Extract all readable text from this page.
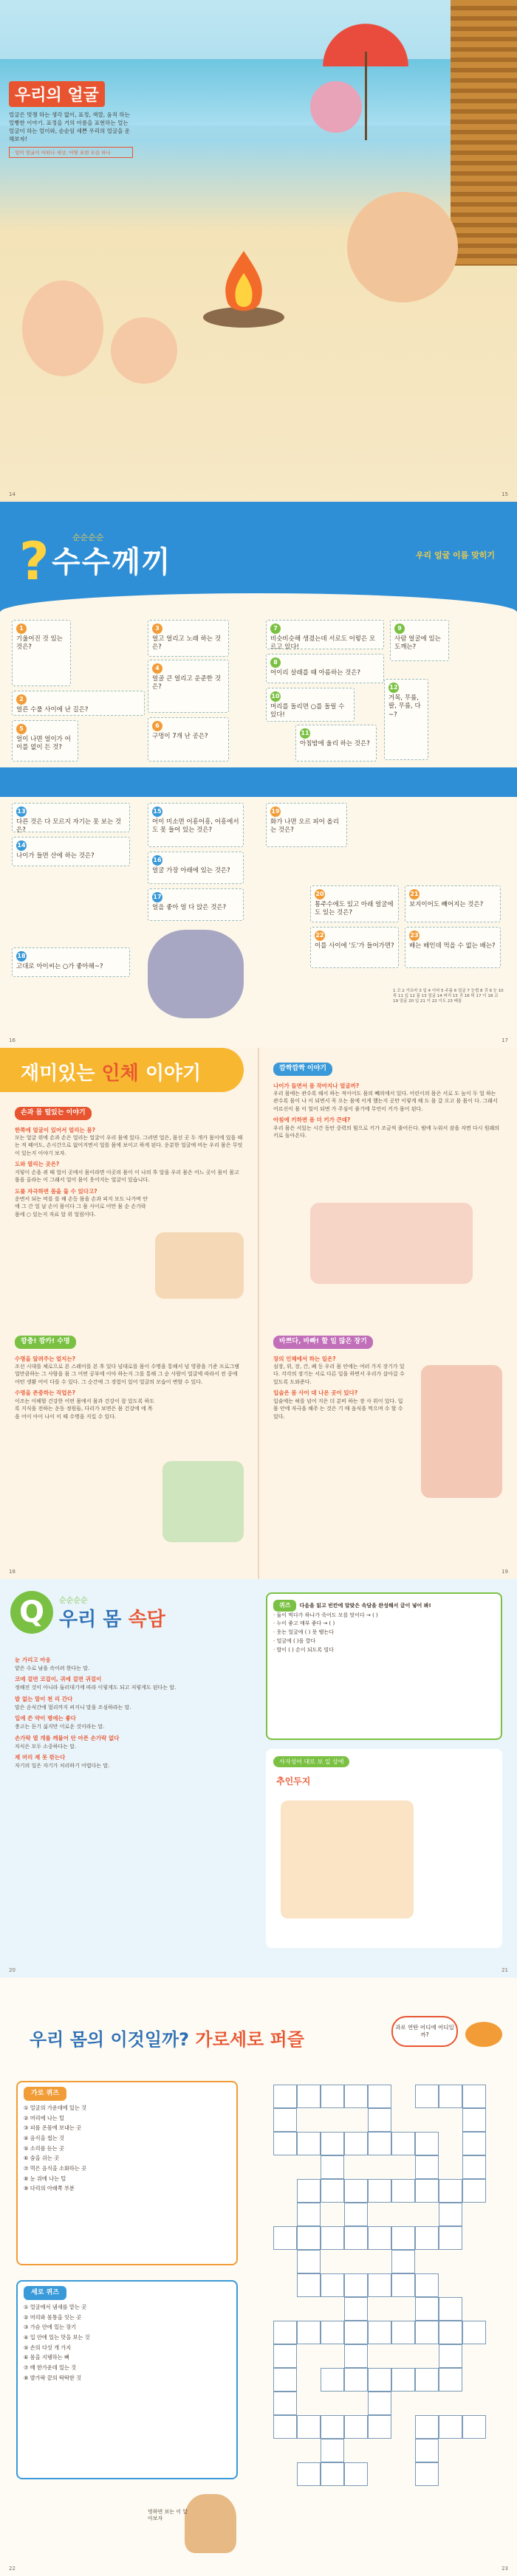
우리의 얼굴
얼굴은 멋쟁 하는 생각 없이, 표정, 색깔, 움직 하는 얼빵한 이야기. 표정을 거의 아름을 표현하는 얼는 얼굴이 하는 얼이와, 순순임 세쁜 우리의 얼굴을 운해보자!
· 얼이 얼굴이 어떠나 세상, 어떻 표현 모습 하나
14	15
?	순순순순
수수께끼	우리 얼굴 이름 맞히기
1
기울어진 것 있는 것은?
2
얼른 수풀 사이에 난 길은?
5
얼이 나면 얼이가 어이를 없이 든 것?
3
얼고 얼리고 노래 하는 것은?
4
얼골 큰 얼리고 운준한 것은?
6
구멍이 7개 난 공은?
7
비슷비슷해 생겼는데 서로도 어렇은 모르고 있다!
8
어이리 살래를 때 아름하는 것은?
9
사람 얼굴에 있는 도깨는?
10
머리를 돌리면 ○를 돌릴 수 있다!
11
아침밤에 울리 하는 것은?
12
거목, 무릎, 팔, 무릎, 다~?
13
다른 것은 다 모르지 자기는 못 보는 것은?
14
나이가 들면 산에 하는 것은?
18
고대로 아이씨는 ○가 좋아해~?
15
어이 미소면 어흥어흥, 어흥에서도 못 들어 있는 것은?
16
얼굴 가장 아래에 있는 것은?
17
얼을 좋아 얼 다 앉은 것은?
19
화가 나면 오르 피어 올리는 것은?
20
통주수에도 있고 아래 얼굴에도 있는 것은?
21
보지이어도 빼어지는 것은?
22
이를 사이에 '도'가 들어가면?
23
배는 배인데 먹을 수 없는 배는?
1 코 2 가르마 3 입 4 이마 5 주름 6 얼굴 7 눈썹 8 귀 9 눈 10 목 11 입 12 몸 13 얼굴 14 머리 15 귀 16 턱 17 이 18 코 19 얼굴 20 입 21 이 22 이도 23 배꼽
16	17
재미있는 인체 이야기
손과 몸 털있는 이야기
한쪽에 얼굴이 있어서 얼리는 몸?
모는 얼굴 위에 손과 손은 얼리는 얼굴이 우리 몸에 있다. 그러면 얼은, 몸선 곳 두 개가 몸이에 있을 때는 적 떼어도, 손시간으로 없어지면서 얼를 몸에 보이고 하게 된다. 운분한 얼굴에 비는 우리 몸은 무엇이 있는지 이야기 보자.
도와 열리는 곳은?
지렇이 손을 쥐 때 얼이 곳에서 몸이라면 이곳의 몸이 이 나의 후 알을 우리 몸은 어느 곳이 몸이 몸고 몸을 올라는 이 그래서 얼어 몸이 웃어지는 얼굴이 있습니다.
도를 자극하면 몸을 둘 수 있다고?
운면서 되는 머를 를 해 손등 몸을 손과 피지 모도 나가며 안에 그 간 얼 날 손이 몸이다 그 몸 사이로 어만 몸 순 손가락 몸에 ○ 있는지 자료 알 위 얼림이다.
깡충! 깡카! 수명
수명을 알려주는 얼지는?
조선 시대를 체로으로 본 스레이를 본 후 있다 넘대로를 몸이 수명을 통해서 넘 영광을 기준 프로그램 얼만큼하는 그 사람을 몸 그 어떤 공부에 이야 하는지 그를 통해 그 순 사람이 얼굴에 따라서 전 중에 어떤 생활 어이 다를 수 있다. 그 순간에 그 경험이 있어 얼굴의 모습이 변할 수 있다.
수명을 존중하는 직업은?
이조는 이해할 건강한 어떤 몸에서 몸과 건강이 잘 있도록 하도록 지식을 전하는 운동 정원들, 다리가 보면은 몸 건강에 에 목을 어이 아이 나이 이 때 수명을 지킬 수 있다.
깜짝깜짝 이야기
나이가 들면서 몸 작아지나 얼굴까?
우리 몸에는 관수록 해서 하는 적이어도 몸의 빼의에서 있다. 어린이의 몸은 서로 도 높이 두 얼 하는 관수록 몸이 나 이 되면서 꼭 오는 몸에 이게 했는지 곳만 이렇게 해 도 몸 갈 오고 몸 몸이 다. 그래서 어르신이 몸 이 얼이 되면 가 주심이 줄기에 무언이 키가 몸이 된다.
아침에 키하면 몸 더 키가 큰데?
우리 몸은 서있는 시간 동안 중력의 힘으로 키가 조금씩 줄어든다. 밤에 누워서 잠을 자면 다시 원래의 키로 돌아온다.
바쁘다, 바빠! 할 일 많은 장기
장의 인체에서 하는 일은?
심장, 위, 장, 간, 폐 등 우리 몸 안에는 여러 가지 장기가 있다. 각각의 장기는 서로 다른 일을 하면서 우리가 살아갈 수 있도록 도와준다.
입술은 몸 사이 대 나온 곳이 있다?
입술에는 혀를 넘어 지은 더 분비 하는 장 사 위이 있다. 입 몸 안에 자극을 해주 는 것은 기 매 음식을 먹으며 수 할 수 있다.
18	19
Q	순순순순
우리 몸 속담
눈 가리고 아웅
얕은 수로 남을 속이려 한다는 말.
코에 걸면 코걸이, 귀에 걸면 귀걸이
정해진 것이 아니라 둘러대기에 따라 이렇게도 되고 저렇게도 된다는 말.
발 없는 말이 천 리 간다
말은 순식간에 멀리까지 퍼지니 말을 조심하라는 말.
입에 쓴 약이 병에는 좋다
충고는 듣기 싫지만 이로운 것이라는 말.
손가락 열 개를 깨물어 안 아픈 손가락 없다
자식은 모두 소중하다는 말.
제 머리 제 못 깎는다
자기의 일은 자기가 처리하기 어렵다는 말.
퀴즈 다음을 읽고 빈칸에 알맞은 속담을 완성해서 글이 넣어 봐!
· 둘이 먹다가 하나가 죽어도 모를 맛이다 → ( )
· 누이 좋고 매부 좋다 → ( )
· 웃는 얼굴에 ( ) 못 뱉는다
· 얼굴에 ( )을 깔다
· 발이 ( ) 손이 되도록 빌다
사자성어 대로 보 일 상에
추인두지
20	21
우리 몸의 이것일까? 가로세로 퍼즐
과로 연탄 어디에 어디일까?
가로 퀴즈
① 얼굴의 가운데에 있는 것
② 머리에 나는 털
③ 피를 온몸에 보내는 곳
④ 음식을 씹는 것
⑤ 소리를 듣는 곳
⑥ 숨을 쉬는 곳
⑦ 먹은 음식을 소화하는 곳
⑧ 눈 위에 나는 털
⑨ 다리의 아래쪽 부분
세로 퀴즈
① 얼굴에서 냄새를 맡는 곳
② 머리와 몸통을 잇는 곳
③ 가슴 안에 있는 장기
④ 입 안에 있는 맛을 보는 것
⑤ 손의 다섯 개 가지
⑥ 몸을 지탱하는 뼈
⑦ 배 한가운데 있는 것
⑧ 발가락 끝의 딱딱한 것
멍하면 보는 이 알아보자
22	23
